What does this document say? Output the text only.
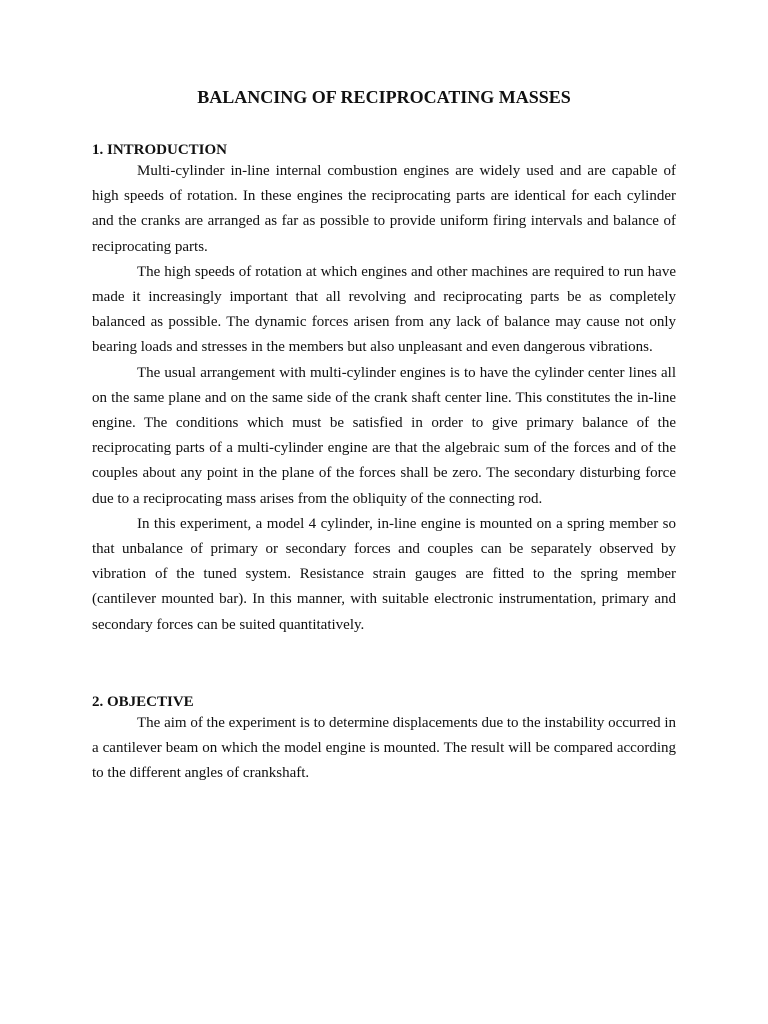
BALANCING OF RECIPROCATING MASSES
1. INTRODUCTION

Multi-cylinder in-line internal combustion engines are widely used and are capable of high speeds of rotation. In these engines the reciprocating parts are identical for each cylinder and the cranks are arranged as far as possible to provide uniform firing intervals and balance of reciprocating parts.

The high speeds of rotation at which engines and other machines are required to run have made it increasingly important that all revolving and reciprocating parts be as completely balanced as possible. The dynamic forces arisen from any lack of balance may cause not only bearing loads and stresses in the members but also unpleasant and even dangerous vibrations.

The usual arrangement with multi-cylinder engines is to have the cylinder center lines all on the same plane and on the same side of the crank shaft center line. This constitutes the in-line engine. The conditions which must be satisfied in order to give primary balance of the reciprocating parts of a multi-cylinder engine are that the algebraic sum of the forces and of the couples about any point in the plane of the forces shall be zero. The secondary disturbing force due to a reciprocating mass arises from the obliquity of the connecting rod.

In this experiment, a model 4 cylinder, in-line engine is mounted on a spring member so that unbalance of primary or secondary forces and couples can be separately observed by vibration of the tuned system. Resistance strain gauges are fitted to the spring member (cantilever mounted bar). In this manner, with suitable electronic instrumentation, primary and secondary forces can be suited quantitatively.

2. OBJECTIVE

The aim of the experiment is to determine displacements due to the instability occurred in a cantilever beam on which the model engine is mounted. The result will be compared according to the different angles of crankshaft.
